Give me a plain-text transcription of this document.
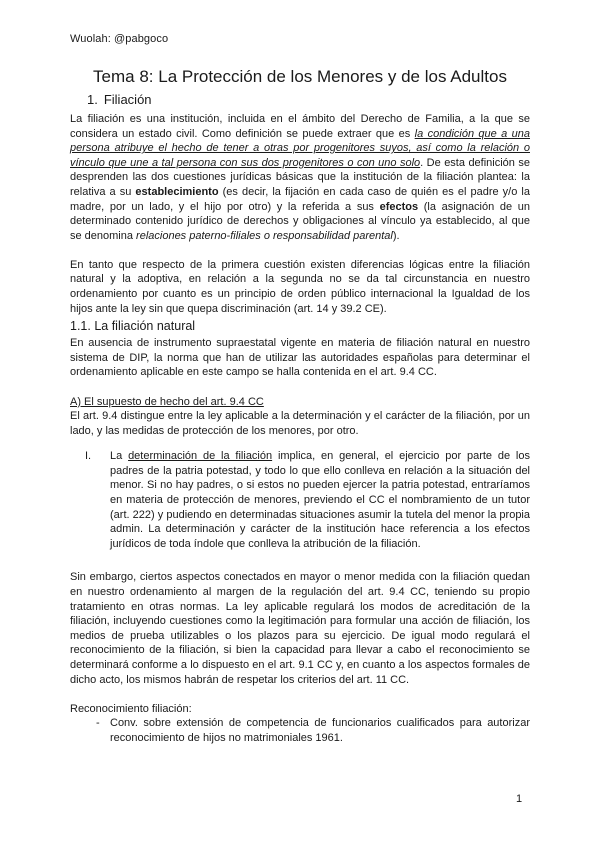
Wuolah: @pabgoco
Tema 8: La Protección de los Menores y de los Adultos
1. Filiación

La filiación es una institución, incluida en el ámbito del Derecho de Familia, a la que se considera un estado civil. Como definición se puede extraer que es la condición que a una persona atribuye el hecho de tener a otras por progenitores suyos, así como la relación o vínculo que une a tal persona con sus dos progenitores o con uno solo. De esta definición se desprenden las dos cuestiones jurídicas básicas que la institución de la filiación plantea: la relativa a su establecimiento (es decir, la fijación en cada caso de quién es el padre y/o la madre, por un lado, y el hijo por otro) y la referida a sus efectos (la asignación de un determinado contenido jurídico de derechos y obligaciones al vínculo ya establecido, al que se denomina relaciones paterno-filiales o responsabilidad parental).

En tanto que respecto de la primera cuestión existen diferencias lógicas entre la filiación natural y la adoptiva, en relación a la segunda no se da tal circunstancia en nuestro ordenamiento por cuanto es un principio de orden público internacional la Igualdad de los hijos ante la ley sin que quepa discriminación (art. 14 y 39.2 CE).

1.1. La filiación natural

En ausencia de instrumento supraestatal vigente en materia de filiación natural en nuestro sistema de DIP, la norma que han de utilizar las autoridades españolas para determinar el ordenamiento aplicable en este campo se halla contenida en el art. 9.4 CC.

A) El supuesto de hecho del art. 9.4 CC

El art. 9.4 distingue entre la ley aplicable a la determinación y el carácter de la filiación, por un lado, y las medidas de protección de los menores, por otro.

I.	La determinación de la filiación implica, en general, el ejercicio por parte de los padres de la patria potestad, y todo lo que ello conlleva en relación a la situación del menor. Si no hay padres, o si estos no pueden ejercer la patria potestad, entraríamos en materia de protección de menores, previendo el CC el nombramiento de un tutor (art. 222) y pudiendo en determinadas situaciones asumir la tutela del menor la propia admin. La determinación y carácter de la institución hace referencia a los efectos jurídicos de toda índole que conlleva la atribución de la filiación.

Sin embargo, ciertos aspectos conectados en mayor o menor medida con la filiación quedan en nuestro ordenamiento al margen de la regulación del art. 9.4 CC, teniendo su propio tratamiento en otras normas. La ley aplicable regulará los modos de acreditación de la filiación, incluyendo cuestiones como la legitimación para formular una acción de filiación, los medios de prueba utilizables o los plazos para su ejercicio. De igual modo regulará el reconocimiento de la filiación, si bien la capacidad para llevar a cabo el reconocimiento se determinará conforme a lo dispuesto en el art. 9.1 CC y, en cuanto a los aspectos formales de dicho acto, los mismos habrán de respetar los criterios del art. 11 CC.

Reconocimiento filiación:
- Conv. sobre extensión de competencia de funcionarios cualificados para autorizar reconocimiento de hijos no matrimoniales 1961.
1
